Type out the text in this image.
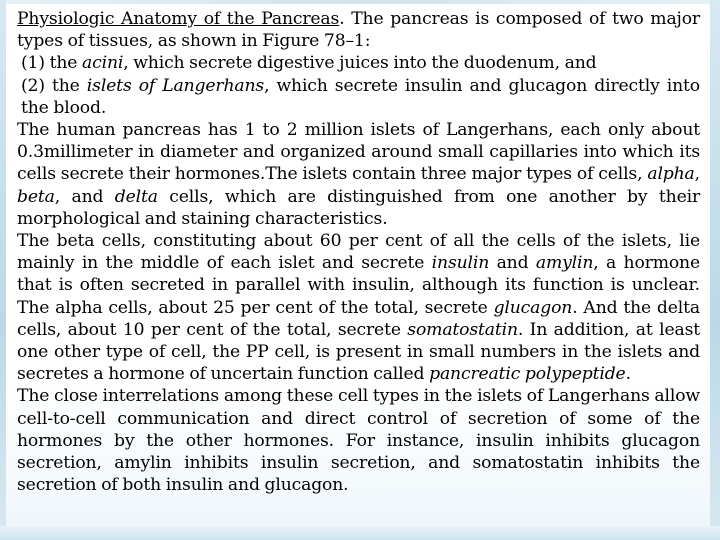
Physiologic Anatomy of the Pancreas. The pancreas is composed of two major types of tissues, as shown in Figure 78–1:
(1) the acini, which secrete digestive juices into the duodenum, and
(2) the islets of Langerhans, which secrete insulin and glucagon directly into the blood.
The human pancreas has 1 to 2 million islets of Langerhans, each only about 0.3millimeter in diameter and organized around small capillaries into which its cells secrete their hormones.The islets contain three major types of cells, alpha, beta, and delta cells, which are distinguished from one another by their morphological and staining characteristics.
The beta cells, constituting about 60 per cent of all the cells of the islets, lie mainly in the middle of each islet and secrete insulin and amylin, a hormone that is often secreted in parallel with insulin, although its function is unclear. The alpha cells, about 25 per cent of the total, secrete glucagon. And the delta cells, about 10 per cent of the total, secrete somatostatin. In addition, at least one other type of cell, the PP cell, is present in small numbers in the islets and secretes a hormone of uncertain function called pancreatic polypeptide.
The close interrelations among these cell types in the islets of Langerhans allow cell-to-cell communication and direct control of secretion of some of the hormones by the other hormones. For instance, insulin inhibits glucagon secretion, amylin inhibits insulin secretion, and somatostatin inhibits the secretion of both insulin and glucagon.
